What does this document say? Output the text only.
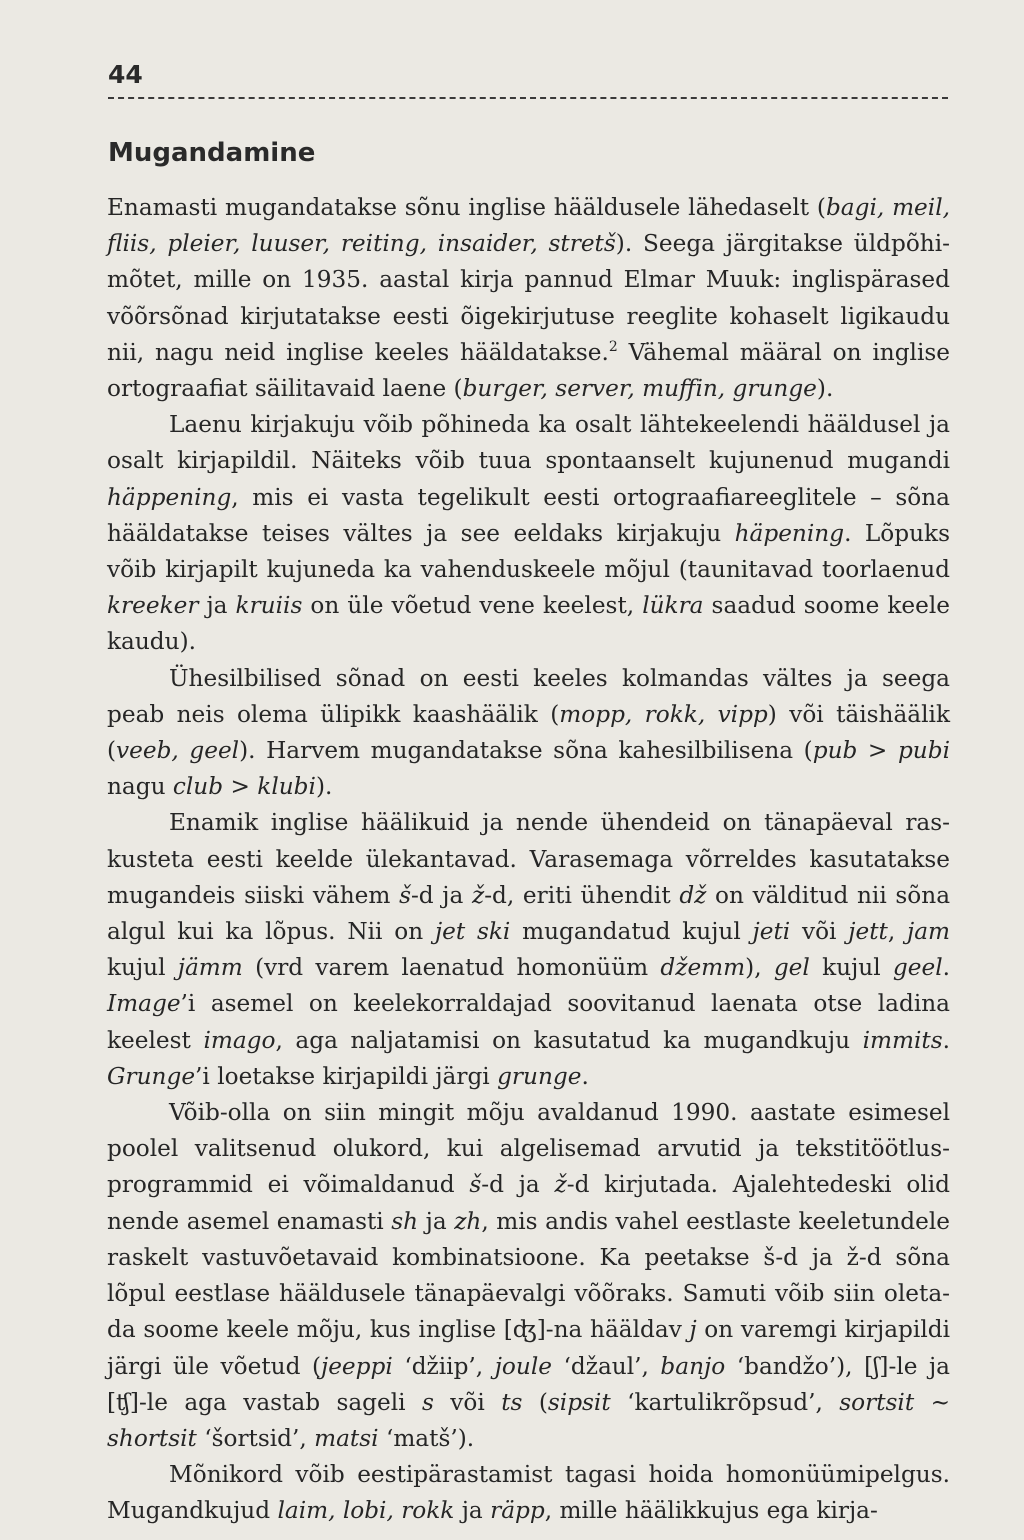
44
Mugandamine

Enamasti mugandatakse sõnu inglise hääldusele lähedaselt (bagi, meil, fliis, pleier, luuser, reiting, insaider, stretš). Seega järgitakse üldpõhimõtet, mille on 1935. aastal kirja pannud Elmar Muuk: inglispärased võõrsõnad kirjutatakse eesti õigekirjutuse reeglite kohaselt ligikaudu nii, nagu neid inglise keeles hääldatakse.$^2$ Vähemal määral on inglise ortograafiat säilitavaid laene (burger, server, muffin, grunge).

Laenu kirjakuju võib põhineda ka osalt lähtekeelendi hääldusel ja osalt kirjapildil. Näiteks võib tuua spontaanselt kujunenud mugandi häppening, mis ei vasta tegelikult eesti ortograafiareeglitele – sõna hääldatakse teises vältes ja see eeldaks kirjakuju häpening. Lõpuks võib kirjapilt kujuneda ka vahenduskeele mõjul (taunitavad toorlaenud kreeker ja kruiis on üle võetud vene keelest, lükra saadud soome keele kaudu).

Ühesilbilised sõnad on eesti keeles kolmandas vältes ja seega peab neis olema ülipikk kaashäälik (mopp, rokk, vipp) või täishäälik (veeb, geel). Harvem mugandatakse sõna kahesilbilisena (pub > pubi nagu club > klubi).

Enamik inglise häälikuid ja nende ühendeid on tänapäeval raskusteta eesti keelde ülekantavad. Varasemaga võrreldes kasutatakse mugandeis siiski vähem š-d ja ž-d, eriti ühendit dž on välditud nii sõna algul kui ka lõpus. Nii on jet ski mugandatud kujul jeti või jett, jam kujul jämm (vrd varem laenatud homonüüm džemm), gel kujul geel. Image’i asemel on keelekorraldajad soovitanud laenata otse ladina keelest imago, aga naljatamisi on kasutatud ka mugandkuju immits. Grunge’i loetakse kirjapildi järgi grunge.

Võib-olla on siin mingit mõju avaldanud 1990. aastate esimesel poolel valitsenud olukord, kui algelisemad arvutid ja tekstitöötlusprogrammid ei võimaldanud š-d ja ž-d kirjutada. Ajalehtedeski olid nende asemel enamasti sh ja zh, mis andis vahel eestlaste keeletundele raskelt vastuvõetavaid kombinatsioone. Ka peetakse š-d ja ž-d sõna lõpul eestlase hääldusele tänapäevalgi võõraks. Samuti võib siin oletada soome keele mõju, kus inglise [ʤ]-na hääldav j on varemgi kirjapildi järgi üle võetud (jeeppi ‘džiip’, joule ‘džaul’, banjo ‘bandžo’), [ʃ]-le ja [ʧ]-le aga vastab sageli s või ts (sipsit ‘kartulikrõpsud’, sortsit ~ shortsit ‘šortsid’, matsi ‘matš’).

Mõnikord võib eestipärastamist tagasi hoida homonüümipelgus. Mugandkujud laim, lobi, rokk ja räpp, mille häälikkujus ega kirja-
